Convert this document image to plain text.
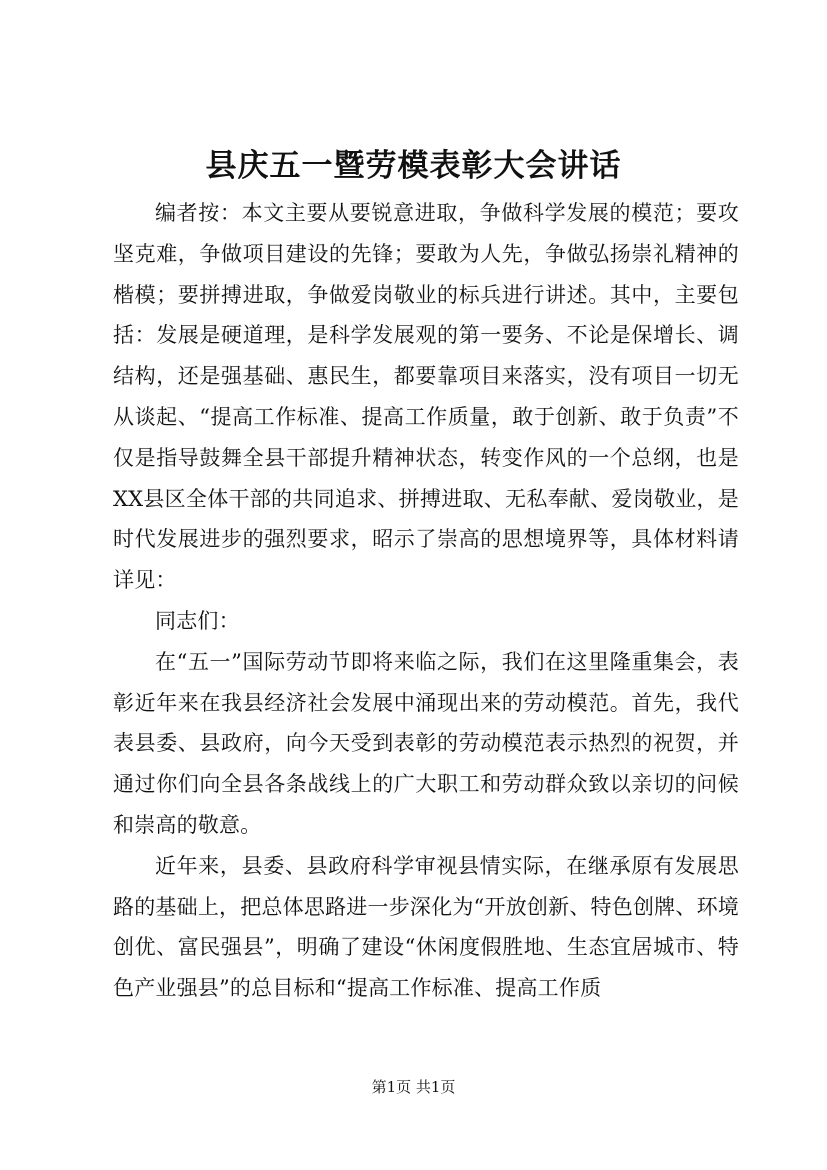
县庆五一暨劳模表彰大会讲话

编者按：本文主要从要锐意进取，争做科学发展的模范；要攻坚克难，争做项目建设的先锋；要敢为人先，争做弘扬崇礼精神的楷模；要拼搏进取，争做爱岗敬业的标兵进行讲述。其中，主要包括：发展是硬道理，是科学发展观的第一要务、不论是保增长、调结构，还是强基础、惠民生，都要靠项目来落实，没有项目一切无从谈起、“提高工作标准、提高工作质量，敢于创新、敢于负责”不仅是指导鼓舞全县干部提升精神状态，转变作风的一个总纲，也是XX县区全体干部的共同追求、拼搏进取、无私奉献、爱岗敬业，是时代发展进步的强烈要求，昭示了崇高的思想境界等，具体材料请详见：

同志们：

在“五一”国际劳动节即将来临之际，我们在这里隆重集会，表彰近年来在我县经济社会发展中涌现出来的劳动模范。首先，我代表县委、县政府，向今天受到表彰的劳动模范表示热烈的祝贺，并通过你们向全县各条战线上的广大职工和劳动群众致以亲切的问候和崇高的敬意。

近年来，县委、县政府科学审视县情实际，在继承原有发展思路的基础上，把总体思路进一步深化为“开放创新、特色创牌、环境创优、富民强县”，明确了建设“休闲度假胜地、生态宜居城市、特色产业强县”的总目标和“提高工作标准、提高工作质

第1页 共1页
